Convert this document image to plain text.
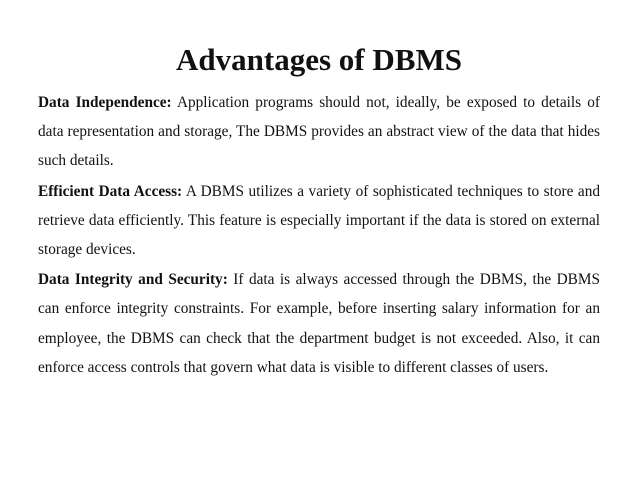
Advantages of DBMS

Data Independence: Application programs should not, ideally, be exposed to details of data representation and storage, The DBMS provides an abstract view of the data that hides such details.

Efficient Data Access: A DBMS utilizes a variety of sophisticated techniques to store and retrieve data efficiently. This feature is especially important if the data is stored on external storage devices.

Data Integrity and Security: If data is always accessed through the DBMS, the DBMS can enforce integrity constraints. For example, before inserting salary information for an employee, the DBMS can check that the department budget is not exceeded. Also, it can enforce access controls that govern what data is visible to different classes of users.
